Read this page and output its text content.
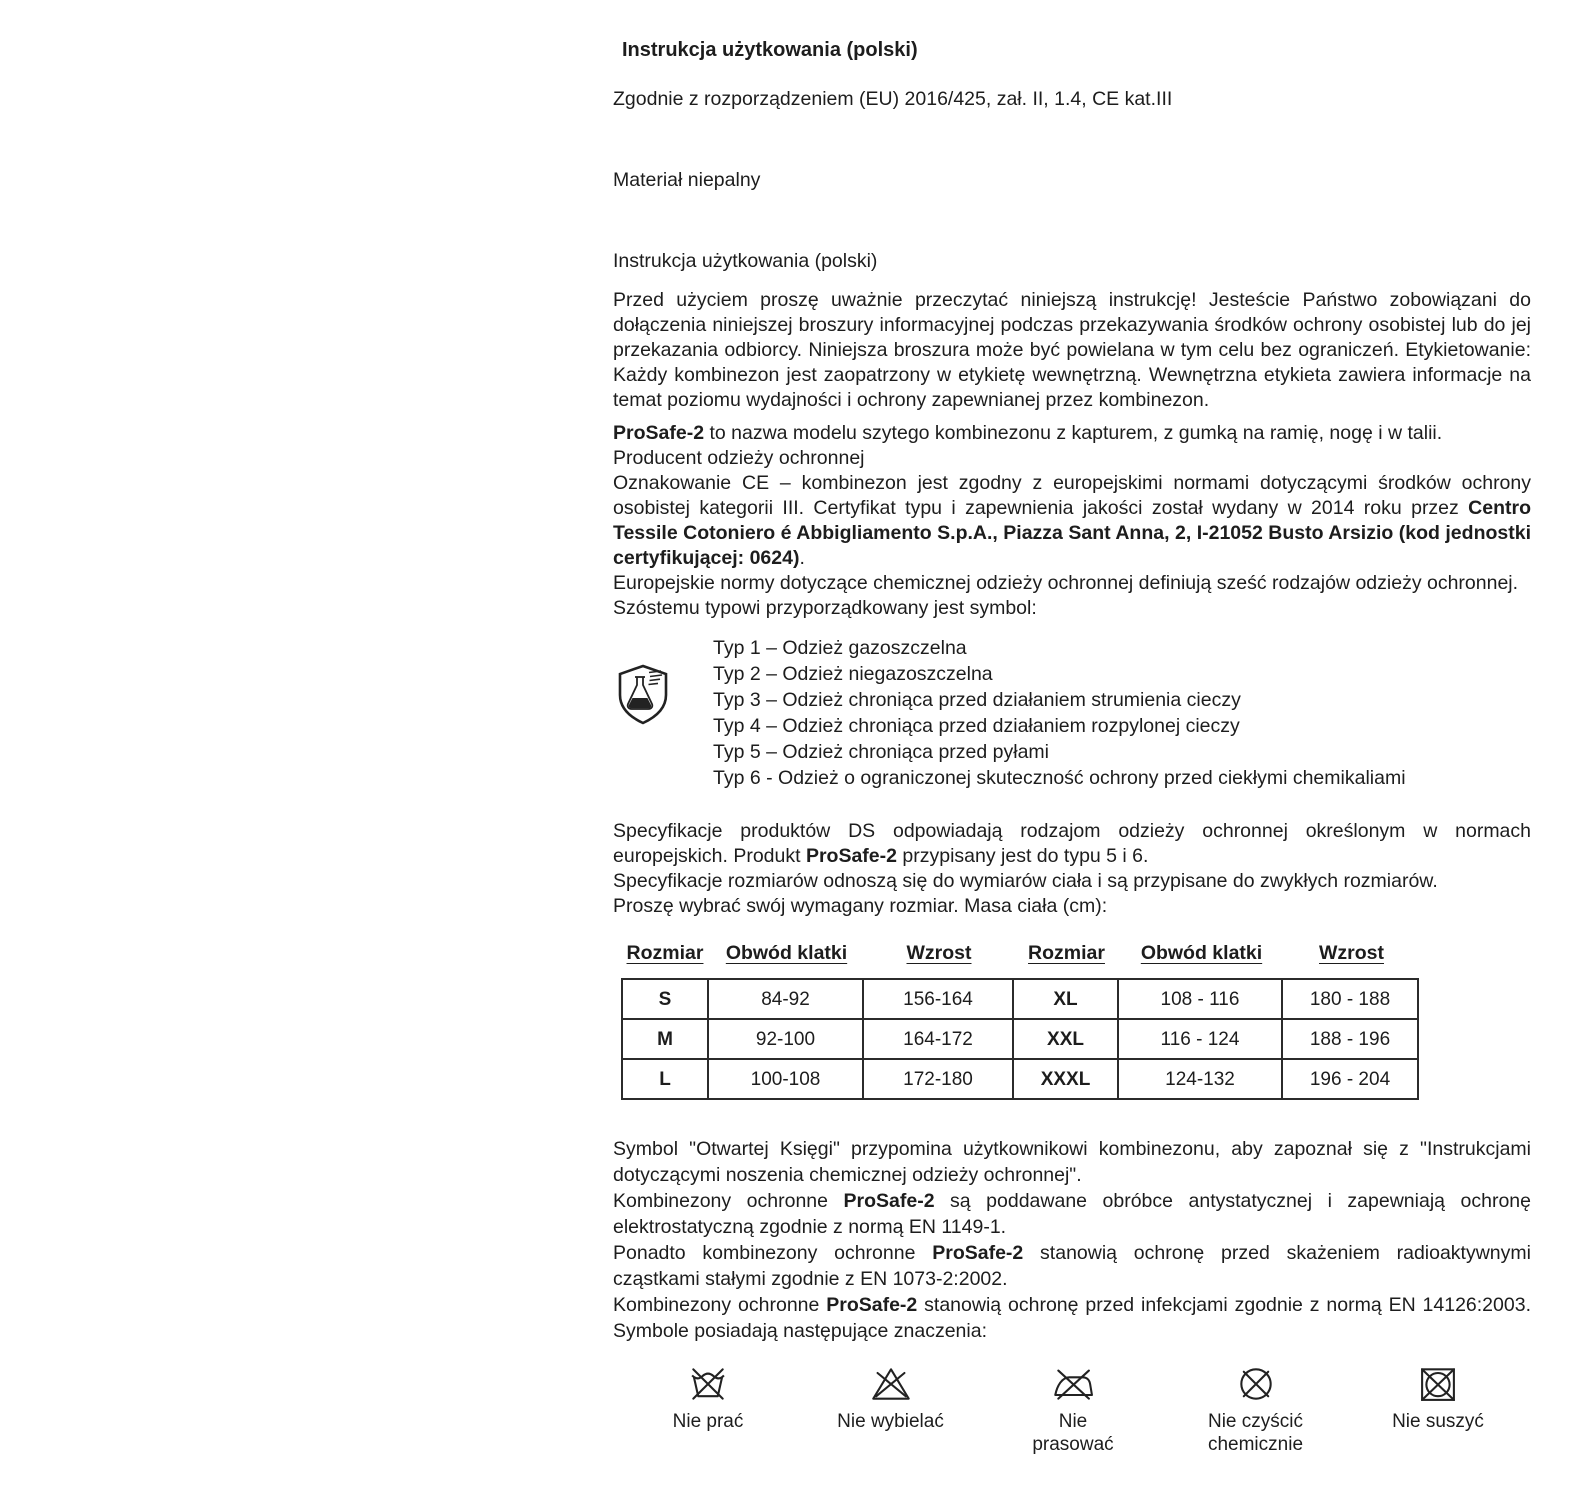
Instrukcja użytkowania (polski)

Zgodnie z rozporządzeniem (EU) 2016/425, zał. II, 1.4, CE kat.III

Materiał niepalny

Instrukcja użytkowania (polski)

Przed użyciem proszę uważnie przeczytać niniejszą instrukcję! Jesteście Państwo zobowiązani do dołączenia niniejszej broszury informacyjnej podczas przekazywania środków ochrony osobistej lub do jej przekazania odbiorcy. Niniejsza broszura może być powielana w tym celu bez ograniczeń. Etykietowanie: Każdy kombinezon jest zaopatrzony w etykietę wewnętrzną. Wewnętrzna etykieta zawiera informacje na temat poziomu wydajności i ochrony zapewnianej przez kombinezon.

ProSafe-2 to nazwa modelu szytego kombinezonu z kapturem, z gumką na ramię, nogę i w talii.

Producent odzieży ochronnej

Oznakowanie CE – kombinezon jest zgodny z europejskimi normami dotyczącymi środków ochrony osobistej kategorii III. Certyfikat typu i zapewnienia jakości został wydany w 2014 roku przez Centro Tessile Cotoniero é Abbigliamento S.p.A., Piazza Sant Anna, 2, I-21052 Busto Arsizio (kod jednostki certyfikującej: 0624).

Europejskie normy dotyczące chemicznej odzieży ochronnej definiują sześć rodzajów odzieży ochronnej.

Szóstemu typowi przyporządkowany jest symbol:

Typ 1 – Odzież gazoszczelna

Typ 2 – Odzież niegazoszczelna

Typ 3 – Odzież chroniąca przed działaniem strumienia cieczy

Typ 4 – Odzież chroniąca przed działaniem rozpylonej cieczy

Typ 5 – Odzież chroniąca przed pyłami

Typ 6 - Odzież o ograniczonej skuteczność ochrony przed ciekłymi chemikaliami

Specyfikacje produktów DS odpowiadają rodzajom odzieży ochronnej określonym w normach europejskich. Produkt ProSafe-2 przypisany jest do typu 5 i 6.

Specyfikacje rozmiarów odnoszą się do wymiarów ciała i są przypisane do zwykłych rozmiarów.

Proszę wybrać swój wymagany rozmiar. Masa ciała (cm):

Rozmiar	Obwód klatki	Wzrost	Rozmiar	Obwód klatki	Wzrost
S	84-92	156-164	XL	108 - 116	180 - 188
M	92-100	164-172	XXL	116 - 124	188 - 196
L	100-108	172-180	XXXL	124-132	196 - 204

Symbol "Otwartej Księgi" przypomina użytkownikowi kombinezonu, aby zapoznał się z "Instrukcjami dotyczącymi noszenia chemicznej odzieży ochronnej".

Kombinezony ochronne ProSafe-2 są poddawane obróbce antystatycznej i zapewniają ochronę elektrostatyczną zgodnie z normą EN 1149-1.

Ponadto kombinezony ochronne ProSafe-2 stanowią ochronę przed skażeniem radioaktywnymi cząstkami stałymi zgodnie z EN 1073-2:2002.

Kombinezony ochronne ProSafe-2 stanowią ochronę przed infekcjami zgodnie z normą EN 14126:2003. Symbole posiadają następujące znaczenia:

Nie prać	Nie wybielać	Nie prasować
Nie czyścić chemicznie
Nie suszyć
